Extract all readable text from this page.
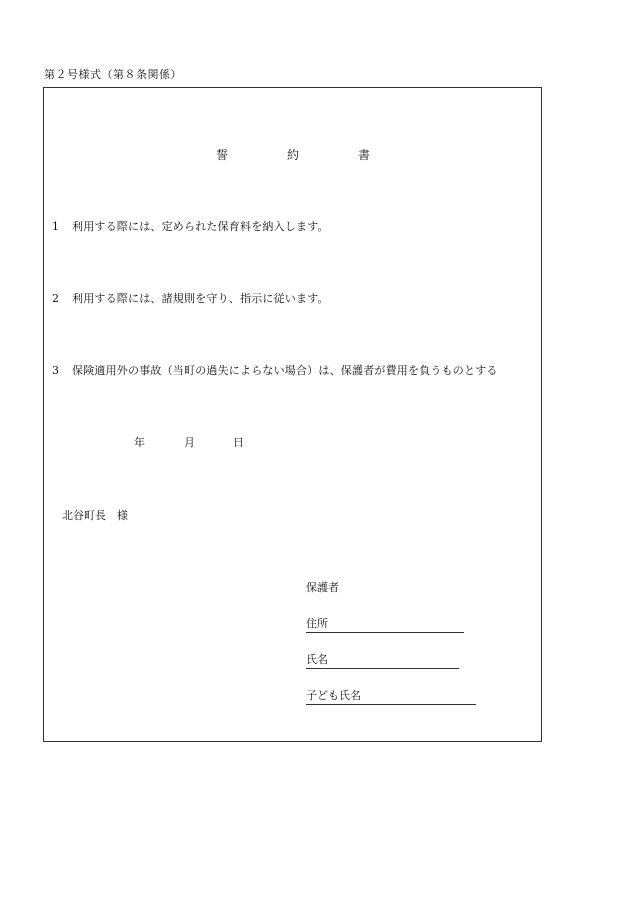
第２号様式（第８条関係）
誓	約	書
1 利用する際には、定められた保育料を納入します。
2 利用する際には、諸規則を守り、指示に従います。
3 保険適用外の事故（当町の過失によらない場合）は、保護者が費用を負うものとする
年	月	日
北谷町長　様
保護者
住所
氏名
子ども氏名
